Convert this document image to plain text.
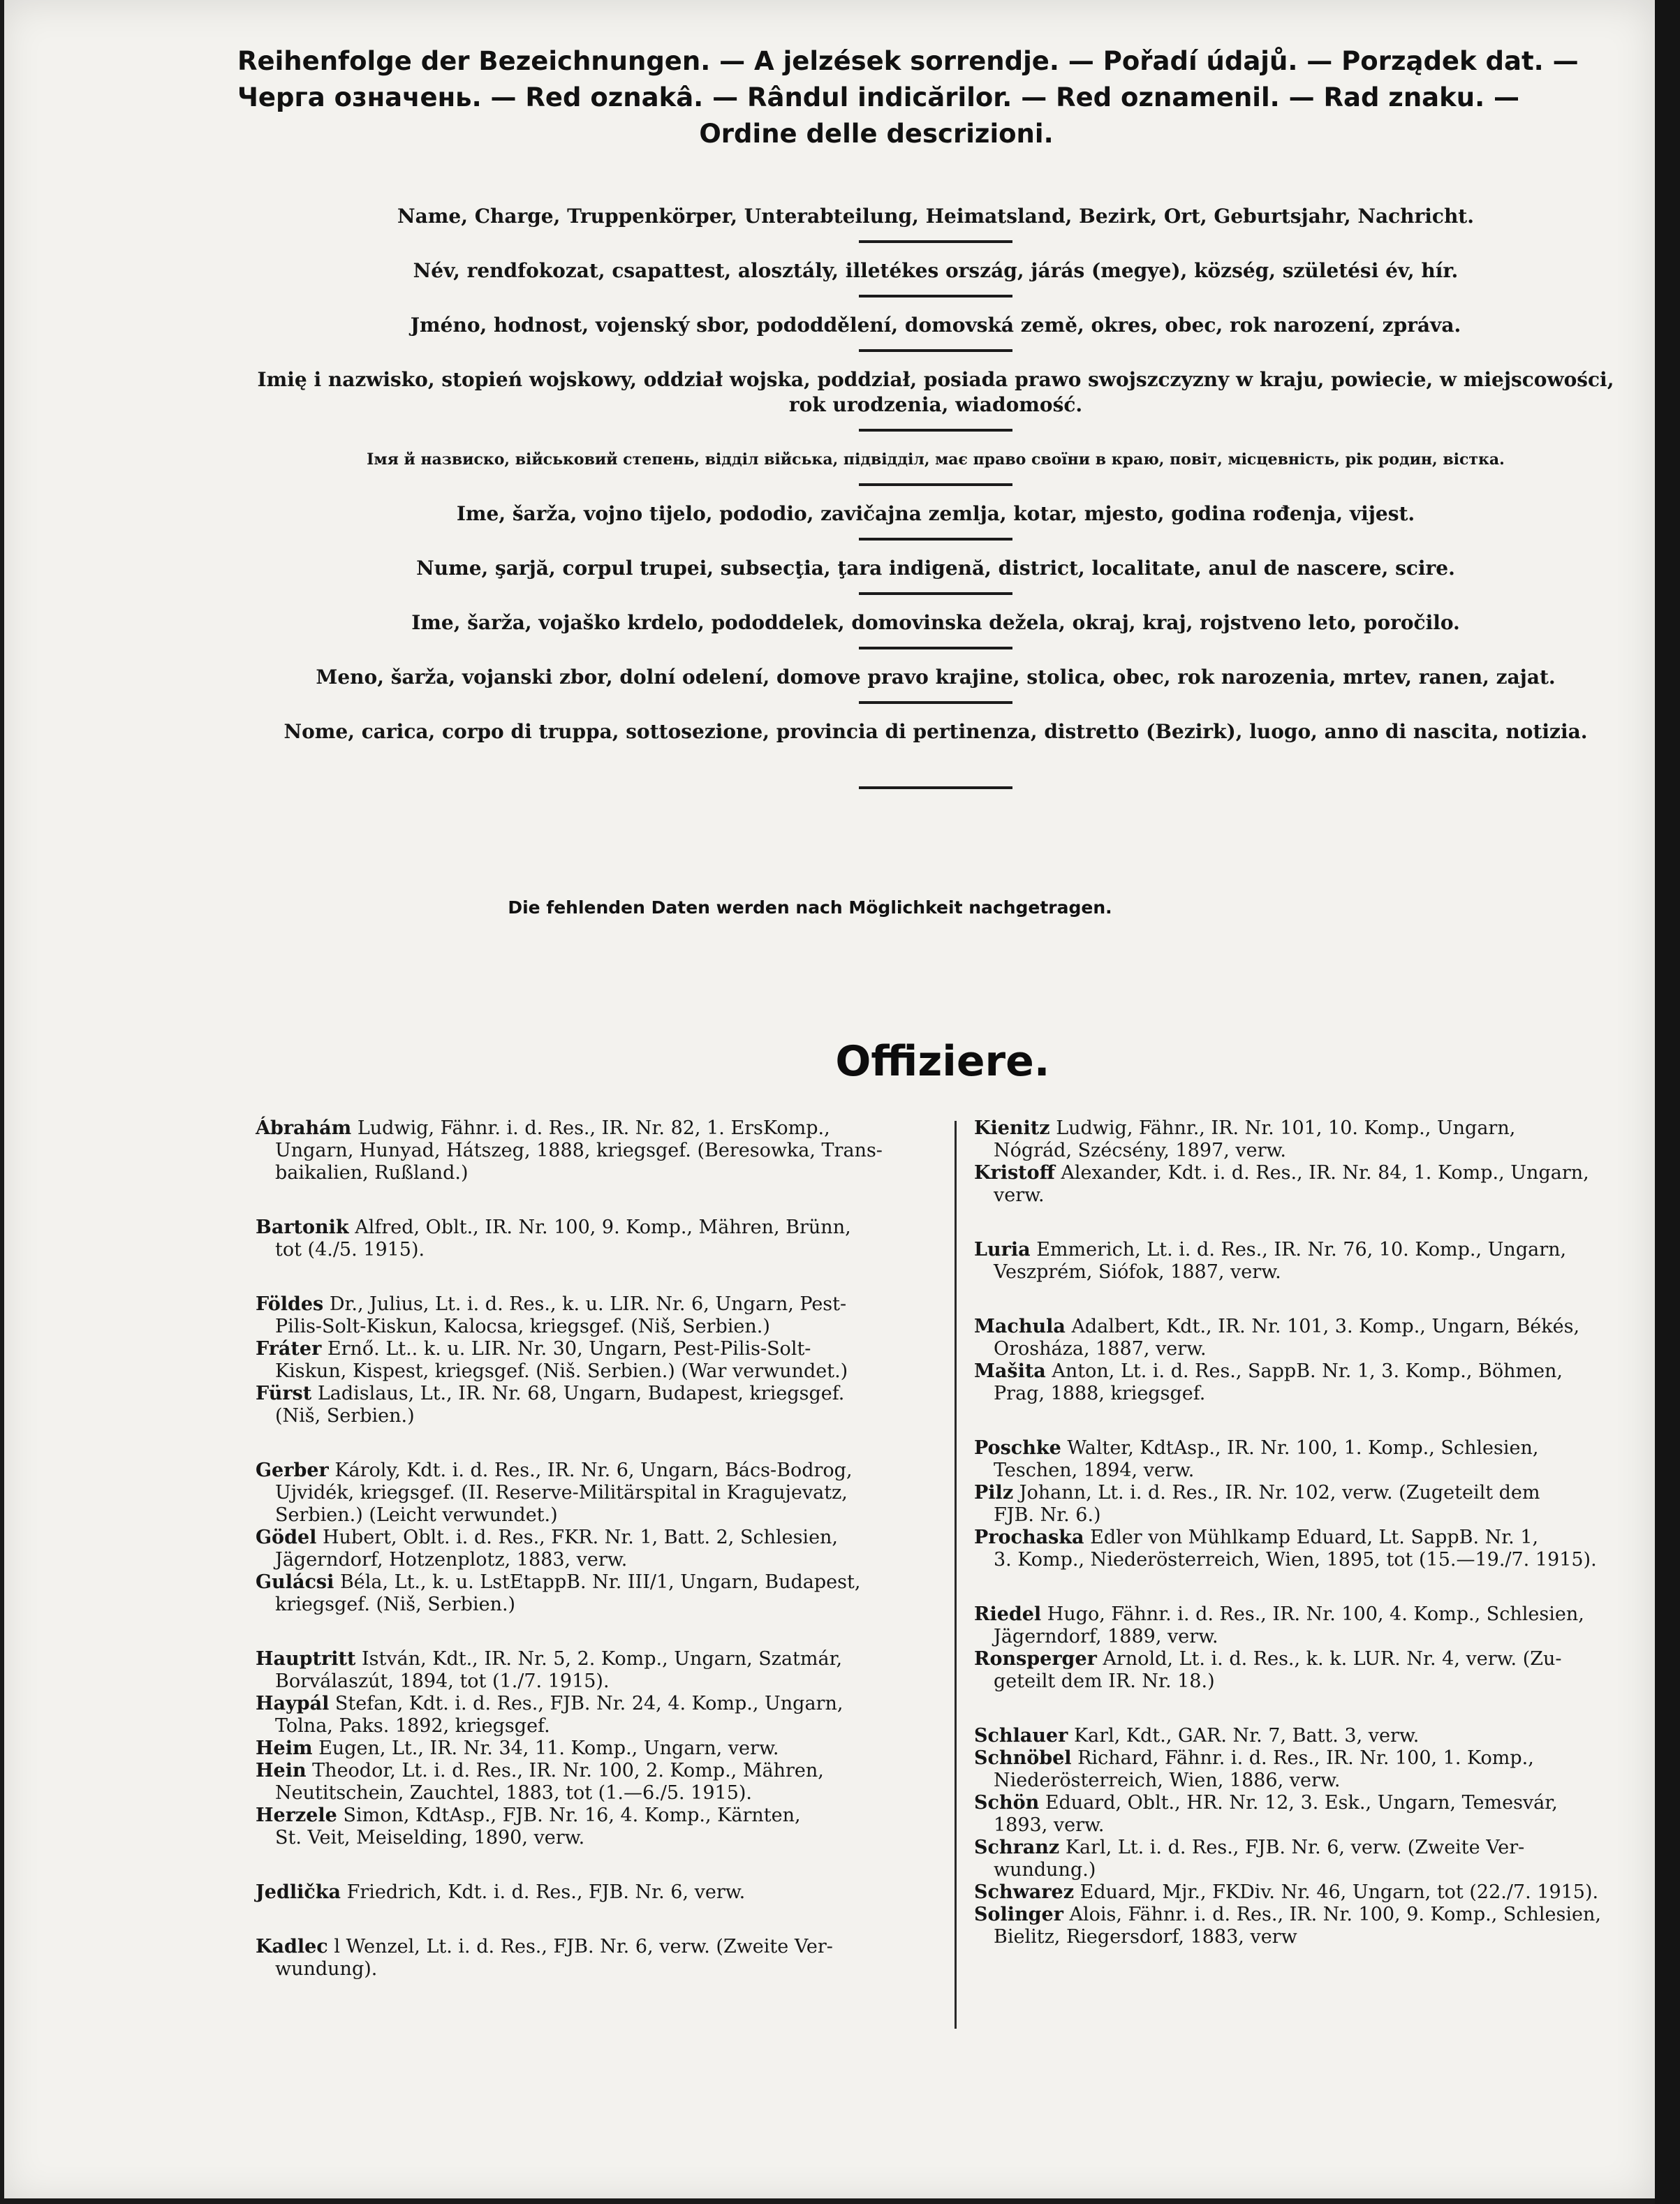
Reihenfolge der Bezeichnungen. — A jelzések sorrendje. — Pořadí údajů. — Porządek dat. —
Черга означень. — Red oznakâ. — Rândul indicărilor. — Red oznamenil. — Rad znaku. —
Ordine delle descrizioni.

Name, Charge, Truppenkörper, Unterabteilung, Heimatsland, Bezirk, Ort, Geburtsjahr, Nachricht.

Név, rendfokozat, csapattest, alosztály, illetékes ország, járás (megye), község, születési év, hír.

Jméno, hodnost, vojenský sbor, pododdělení, domovská země, okres, obec, rok narození, zpráva.

Imię i nazwisko, stopień wojskowy, oddział wojska, poddział, posiada prawo swojszczyzny w kraju, powiecie, w miejscowości, rok urodzenia, wiadomość.

Імя й назвиско, військовий степень, відділ війська, підвідділ, має право своїни в краю, повіт, місцевність, рік родин, вістка.

Ime, šarža, vojno tijelo, pododio, zavičajna zemlja, kotar, mjesto, godina rođenja, vijest.

Nume, şarjă, corpul trupei, subsecţia, ţara indigenă, district, localitate, anul de nascere, scire.

Ime, šarža, vojaško krdelo, pododdelek, domovinska dežela, okraj, kraj, rojstveno leto, poročilo.

Meno, šarža, vojanski zbor, dolní odelení, domove pravo krajine, stolica, obec, rok narozenia, mrtev, ranen, zajat.

Nome, carica, corpo di truppa, sottosezione, provincia di pertinenza, distretto (Bezirk), luogo, anno di nascita, notizia.

Die fehlenden Daten werden nach Möglichkeit nachgetragen.
Offiziere.
Ábrahám Ludwig, Fähnr. i. d. Res., IR. Nr. 82, 1. ErsKomp.,
Ungarn, Hunyad, Hátszeg, 1888, kriegsgef. (Beresowka, Trans-
baikalien, Rußland.)
Bartonik Alfred, Oblt., IR. Nr. 100, 9. Komp., Mähren, Brünn,
tot (4./5. 1915).
Földes Dr., Julius, Lt. i. d. Res., k. u. LIR. Nr. 6, Ungarn, Pest-
Pilis-Solt-Kiskun, Kalocsa, kriegsgef. (Niš, Serbien.)
Fráter Ernő. Lt.. k. u. LIR. Nr. 30, Ungarn, Pest-Pilis-Solt-
Kiskun, Kispest, kriegsgef. (Niš. Serbien.) (War verwundet.)
Fürst Ladislaus, Lt., IR. Nr. 68, Ungarn, Budapest, kriegsgef.
(Niš, Serbien.)
Gerber Károly, Kdt. i. d. Res., IR. Nr. 6, Ungarn, Bács-Bodrog,
Ujvidék, kriegsgef. (II. Reserve-Militärspital in Kragujevatz,
Serbien.) (Leicht verwundet.)
Gödel Hubert, Oblt. i. d. Res., FKR. Nr. 1, Batt. 2, Schlesien,
Jägerndorf, Hotzenplotz, 1883, verw.
Gulácsi Béla, Lt., k. u. LstEtappB. Nr. III/1, Ungarn, Budapest,
kriegsgef. (Niš, Serbien.)
Hauptritt István, Kdt., IR. Nr. 5, 2. Komp., Ungarn, Szatmár,
Borválaszút, 1894, tot (1./7. 1915).
Haypál Stefan, Kdt. i. d. Res., FJB. Nr. 24, 4. Komp., Ungarn,
Tolna, Paks. 1892, kriegsgef.
Heim Eugen, Lt., IR. Nr. 34, 11. Komp., Ungarn, verw.
Hein Theodor, Lt. i. d. Res., IR. Nr. 100, 2. Komp., Mähren,
Neutitschein, Zauchtel, 1883, tot (1.—6./5. 1915).
Herzele Simon, KdtAsp., FJB. Nr. 16, 4. Komp., Kärnten,
St. Veit, Meiselding, 1890, verw.
Jedlička Friedrich, Kdt. i. d. Res., FJB. Nr. 6, verw.
Kadlec l Wenzel, Lt. i. d. Res., FJB. Nr. 6, verw. (Zweite Ver-
wundung).
Kienitz Ludwig, Fähnr., IR. Nr. 101, 10. Komp., Ungarn,
Nógrád, Szécsény, 1897, verw.
Kristoff Alexander, Kdt. i. d. Res., IR. Nr. 84, 1. Komp., Ungarn,
verw.
Luria Emmerich, Lt. i. d. Res., IR. Nr. 76, 10. Komp., Ungarn,
Veszprém, Siófok, 1887, verw.
Machula Adalbert, Kdt., IR. Nr. 101, 3. Komp., Ungarn, Békés,
Orosháza, 1887, verw.
Mašita Anton, Lt. i. d. Res., SappB. Nr. 1, 3. Komp., Böhmen,
Prag, 1888, kriegsgef.
Poschke Walter, KdtAsp., IR. Nr. 100, 1. Komp., Schlesien,
Teschen, 1894, verw.
Pilz Johann, Lt. i. d. Res., IR. Nr. 102, verw. (Zugeteilt dem
FJB. Nr. 6.)
Prochaska Edler von Mühlkamp Eduard, Lt. SappB. Nr. 1,
3. Komp., Niederösterreich, Wien, 1895, tot (15.—19./7. 1915).
Riedel Hugo, Fähnr. i. d. Res., IR. Nr. 100, 4. Komp., Schlesien,
Jägerndorf, 1889, verw.
Ronsperger Arnold, Lt. i. d. Res., k. k. LUR. Nr. 4, verw. (Zu-
geteilt dem IR. Nr. 18.)
Schlauer Karl, Kdt., GAR. Nr. 7, Batt. 3, verw.
Schnöbel Richard, Fähnr. i. d. Res., IR. Nr. 100, 1. Komp.,
Niederösterreich, Wien, 1886, verw.
Schön Eduard, Oblt., HR. Nr. 12, 3. Esk., Ungarn, Temesvár,
1893, verw.
Schranz Karl, Lt. i. d. Res., FJB. Nr. 6, verw. (Zweite Ver-
wundung.)
Schwarez Eduard, Mjr., FKDiv. Nr. 46, Ungarn, tot (22./7. 1915).
Solinger Alois, Fähnr. i. d. Res., IR. Nr. 100, 9. Komp., Schlesien,
Bielitz, Riegersdorf, 1883, verw
